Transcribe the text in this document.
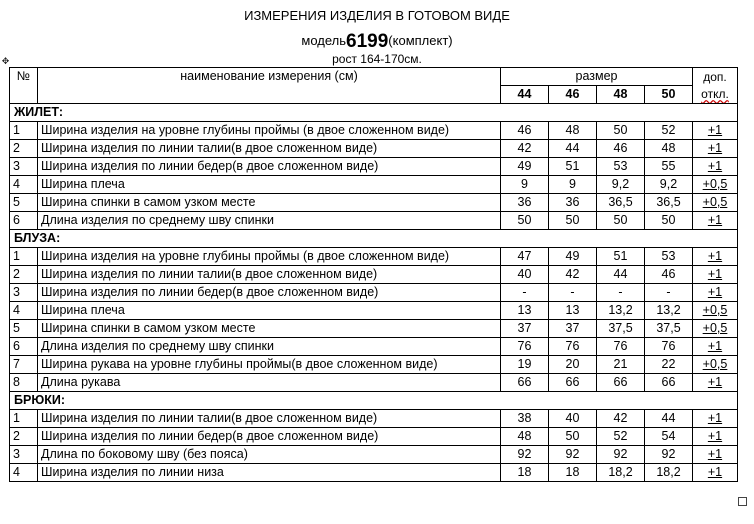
ИЗМЕРЕНИЯ ИЗДЕЛИЯ В ГОТОВОМ ВИДЕ
модель6199(комплект)
рост 164-170см.
✥
№	наименование измерения (см)	размер				доп.
откл.

		44	46	48	50	
ЖИЛЕТ:						
1	Ширина изделия на уровне глубины проймы (в двое сложенном виде)	46	48	50	52	+1
2	Ширина изделия по линии талии(в двое сложенном виде)	42	44	46	48	+1
3	Ширина изделия по линии бедер(в двое сложенном виде)	49	51	53	55	+1
4	Ширина плеча	9	9	9,2	9,2	+0,5
5	Ширина спинки в самом узком месте	36	36	36,5	36,5	+0,5
6	Длина изделия по среднему шву спинки	50	50	50	50	+1
БЛУЗА:						
1	Ширина изделия на уровне глубины проймы (в двое сложенном виде)	47	49	51	53	+1
2	Ширина изделия по линии талии(в двое сложенном виде)	40	42	44	46	+1
3	Ширина изделия по линии бедер(в двое сложенном виде)	-	-	-	-	+1
4	Ширина плеча	13	13	13,2	13,2	+0,5
5	Ширина спинки в самом узком месте	37	37	37,5	37,5	+0,5
6	Длина изделия по среднему шву спинки	76	76	76	76	+1
7	Ширина рукава на уровне глубины проймы(в двое сложенном виде)	19	20	21	22	+0,5
8	Длина рукава	66	66	66	66	+1
БРЮКИ:						
1	Ширина изделия по линии талии(в двое сложенном виде)	38	40	42	44	+1
2	Ширина изделия по линии бедер(в двое сложенном виде)	48	50	52	54	+1
3	Длина по боковому шву (без пояса)	92	92	92	92	+1
4	Ширина изделия по линии низа	18	18	18,2	18,2	+1
